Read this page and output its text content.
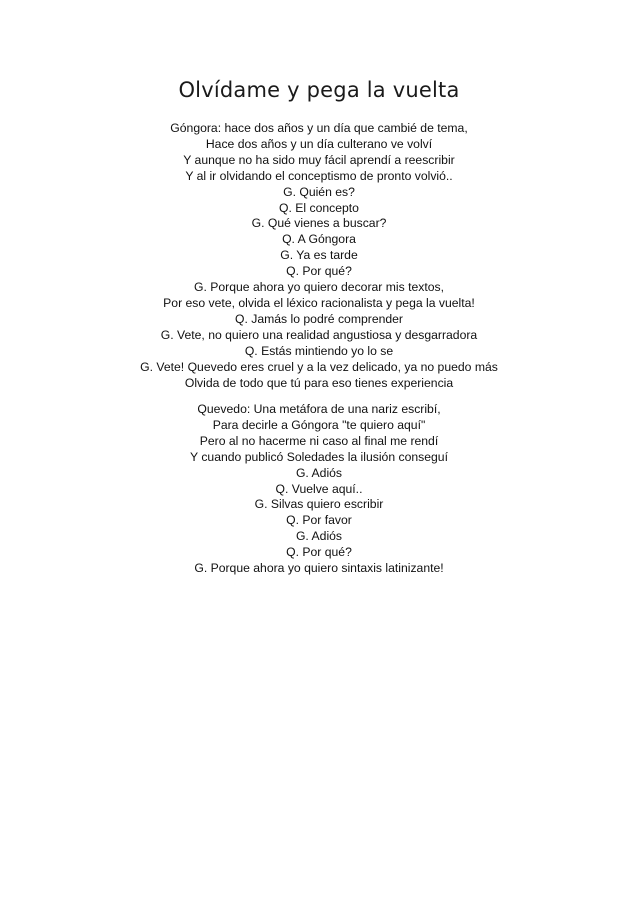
Olvídame y pega la vuelta
Góngora: hace dos años y un día que cambié de tema,
Hace dos años y un día culterano ve volví
Y aunque no ha sido muy fácil aprendí a reescribir
Y al ir olvidando el conceptismo de pronto volvió..
G. Quién es?
Q. El concepto
G. Qué vienes a buscar?
Q. A Góngora
G. Ya es tarde
Q. Por qué?
G. Porque ahora yo quiero decorar mis textos,
Por eso vete, olvida el léxico racionalista y pega la vuelta!
Q. Jamás lo podré comprender
G. Vete, no quiero una realidad angustiosa y desgarradora
Q. Estás mintiendo yo lo se
G. Vete! Quevedo eres cruel y a la vez delicado, ya no puedo más
Olvida de todo que tú para eso tienes experiencia
Quevedo: Una metáfora de una nariz escribí,
Para decirle a Góngora "te quiero aquí"
Pero al no hacerme ni caso al final me rendí
Y cuando publicó Soledades la ilusión conseguí
G. Adiós
Q. Vuelve aquí..
G. Silvas quiero escribir
Q. Por favor
G. Adiós
Q. Por qué?
G. Porque ahora yo quiero sintaxis latinizante!
